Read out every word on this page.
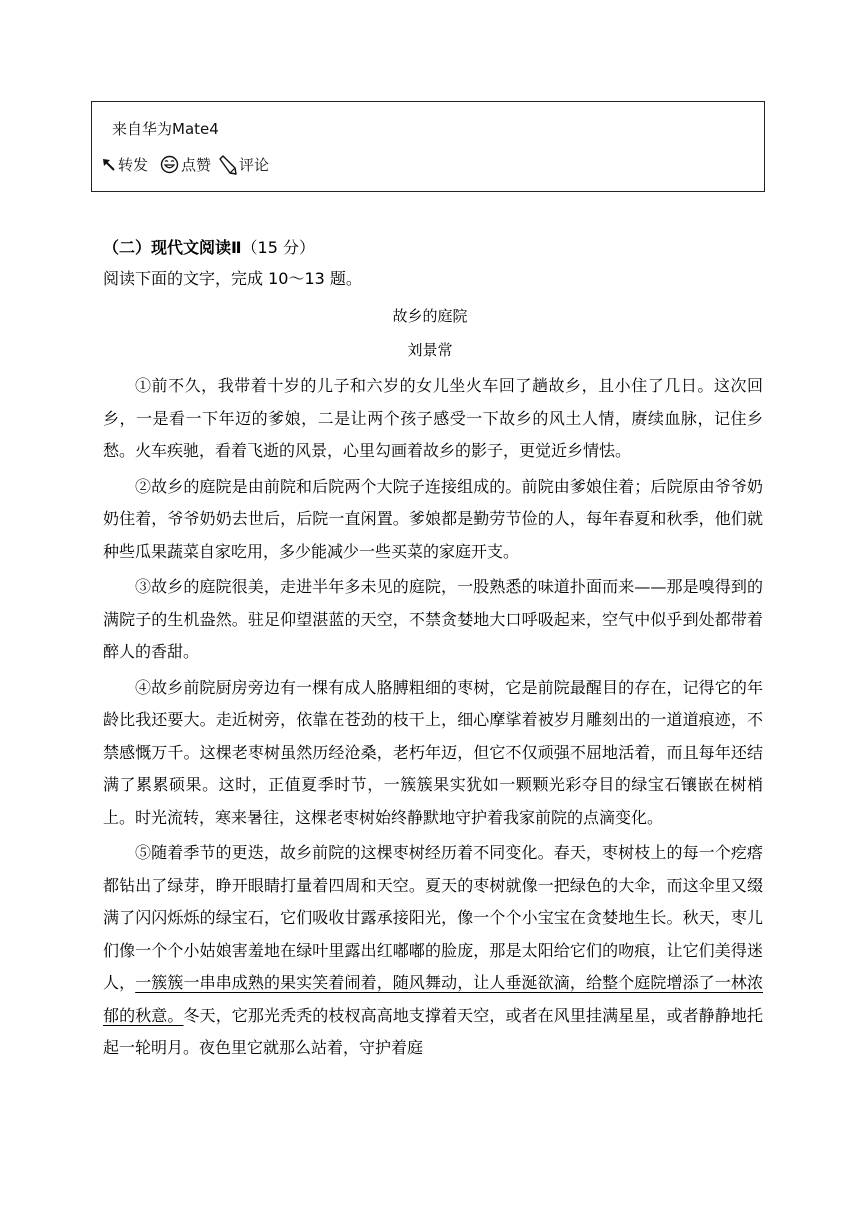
来自华为Mate4
转发 点赞 评论
（二）现代文阅读Ⅱ（15 分）
阅读下面的文字，完成 10～13 题。
故乡的庭院
刘景常

①前不久，我带着十岁的儿子和六岁的女儿坐火车回了趟故乡，且小住了几日。这次回乡，一是看一下年迈的爹娘，二是让两个孩子感受一下故乡的风土人情，赓续血脉，记住乡愁。火车疾驰，看着飞逝的风景，心里勾画着故乡的影子，更觉近乡情怯。

②故乡的庭院是由前院和后院两个大院子连接组成的。前院由爹娘住着；后院原由爷爷奶奶住着，爷爷奶奶去世后，后院一直闲置。爹娘都是勤劳节俭的人，每年春夏和秋季，他们就种些瓜果蔬菜自家吃用，多少能减少一些买菜的家庭开支。

③故乡的庭院很美，走进半年多未见的庭院，一股熟悉的味道扑面而来——那是嗅得到的满院子的生机盎然。驻足仰望湛蓝的天空，不禁贪婪地大口呼吸起来，空气中似乎到处都带着醉人的香甜。

④故乡前院厨房旁边有一棵有成人胳膊粗细的枣树，它是前院最醒目的存在，记得它的年龄比我还要大。走近树旁，依靠在苍劲的枝干上，细心摩挲着被岁月雕刻出的一道道痕迹，不禁感慨万千。这棵老枣树虽然历经沧桑，老朽年迈，但它不仅顽强不屈地活着，而且每年还结满了累累硕果。这时，正值夏季时节，一簇簇果实犹如一颗颗光彩夺目的绿宝石镶嵌在树梢上。时光流转，寒来暑往，这棵老枣树始终静默地守护着我家前院的点滴变化。

⑤随着季节的更迭，故乡前院的这棵枣树经历着不同变化。春天，枣树枝上的每一个疙瘩都钻出了绿芽，睁开眼睛打量着四周和天空。夏天的枣树就像一把绿色的大伞，而这伞里又缀满了闪闪烁烁的绿宝石，它们吸收甘露承接阳光，像一个个小宝宝在贪婪地生长。秋天，枣儿们像一个个小姑娘害羞地在绿叶里露出红嘟嘟的脸庞，那是太阳给它们的吻痕，让它们美得迷人，一簇簇一串串成熟的果实笑着闹着，随风舞动，让人垂涎欲滴，给整个庭院增添了一林浓郁的秋意。冬天，它那光秃秃的枝杈高高地支撑着天空，或者在风里挂满星星，或者静静地托起一轮明月。夜色里它就那么站着，守护着庭
